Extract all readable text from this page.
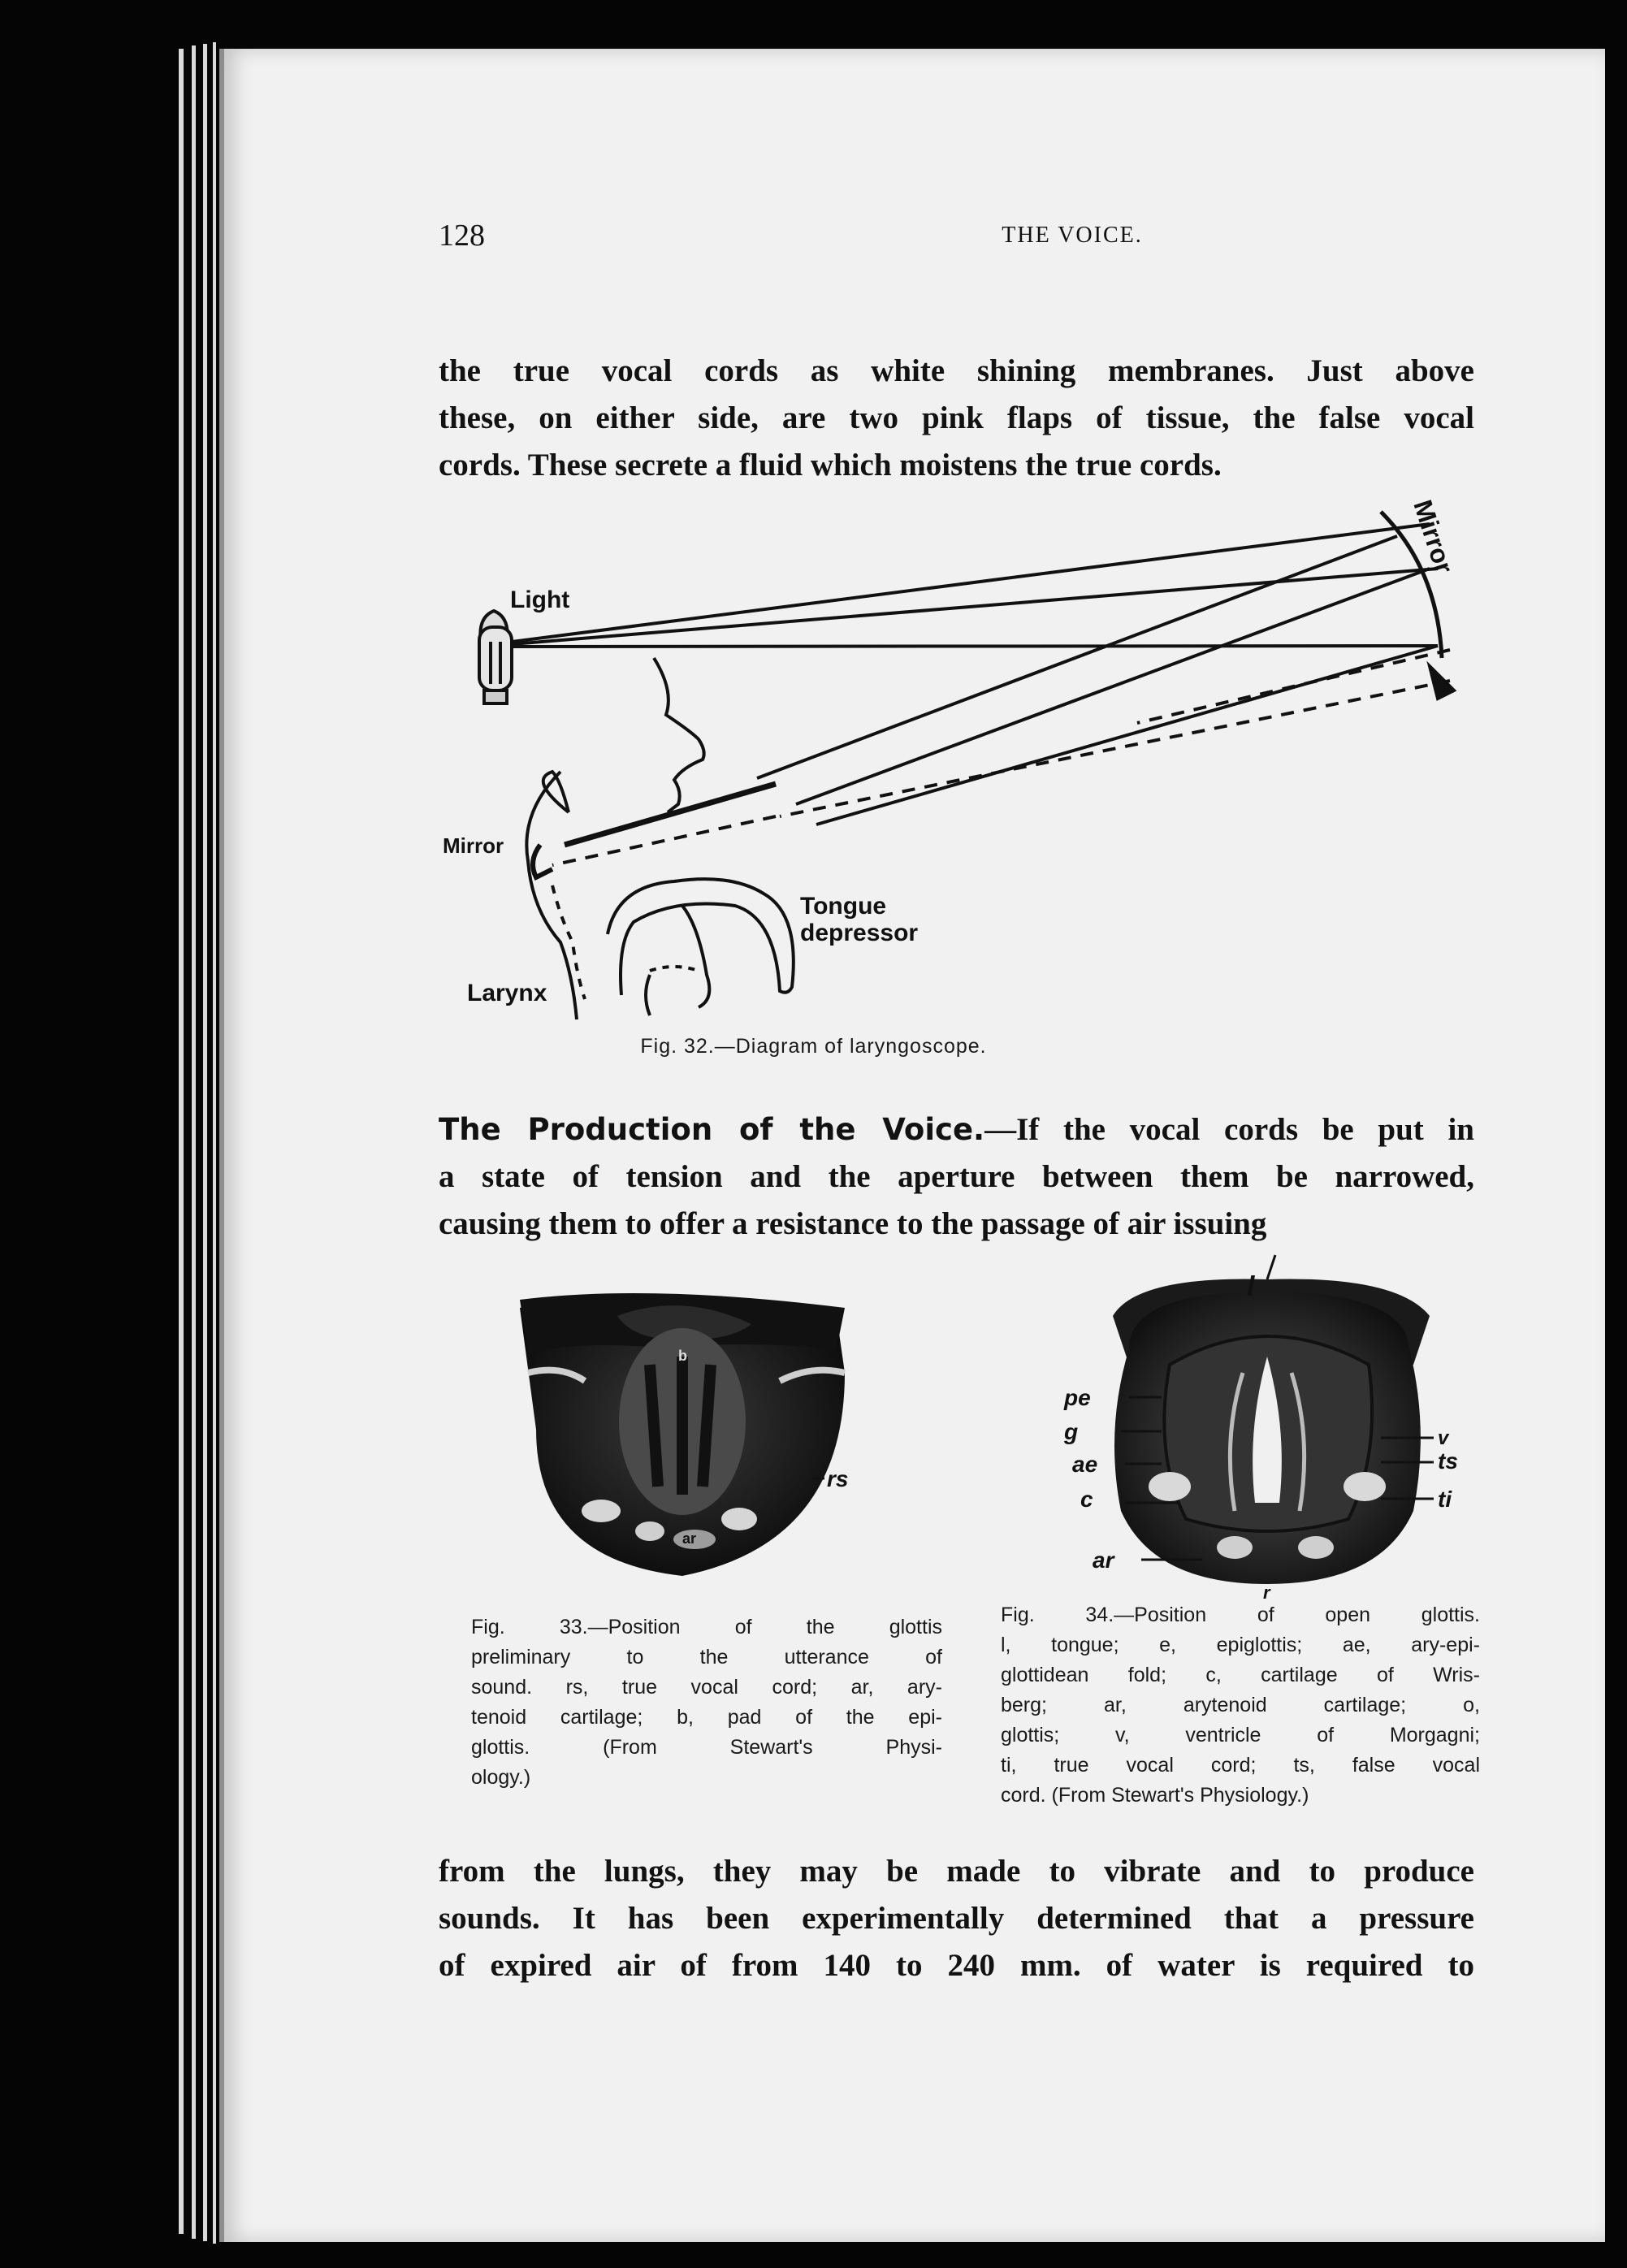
128	THE VOICE.
the true vocal cords as white shining membranes. Just above
these, on either side, are two pink flaps of tissue, the false vocal
cords. These secrete a fluid which moistens the true cords.
Light
Mirror
Mirror
Tongue
depressor
Larynx
Fig. 32.—Diagram of laryngoscope.
The Production of the Voice.—If the vocal cords be put in
a state of tension and the aperture between them be narrowed,
causing them to offer a resistance to the passage of air issuing
b
rs
ar
Fig. 33.—Position of the glottis
preliminary to the utterance of
sound. rs, true vocal cord; ar, ary-
tenoid cartilage; b, pad of the epi-
glottis. (From Stewart's Physi-
ology.)
l
pe
g
ae
c
ar
v
ts
ti
r
Fig. 34.—Position of open glottis.
l, tongue; e, epiglottis; ae, ary-epi-
glottidean fold; c, cartilage of Wris-
berg; ar, arytenoid cartilage; o,
glottis; v, ventricle of Morgagni;
ti, true vocal cord; ts, false vocal
cord. (From Stewart's Physiology.)
from the lungs, they may be made to vibrate and to produce
sounds. It has been experimentally determined that a pressure
of expired air of from 140 to 240 mm. of water is required to
